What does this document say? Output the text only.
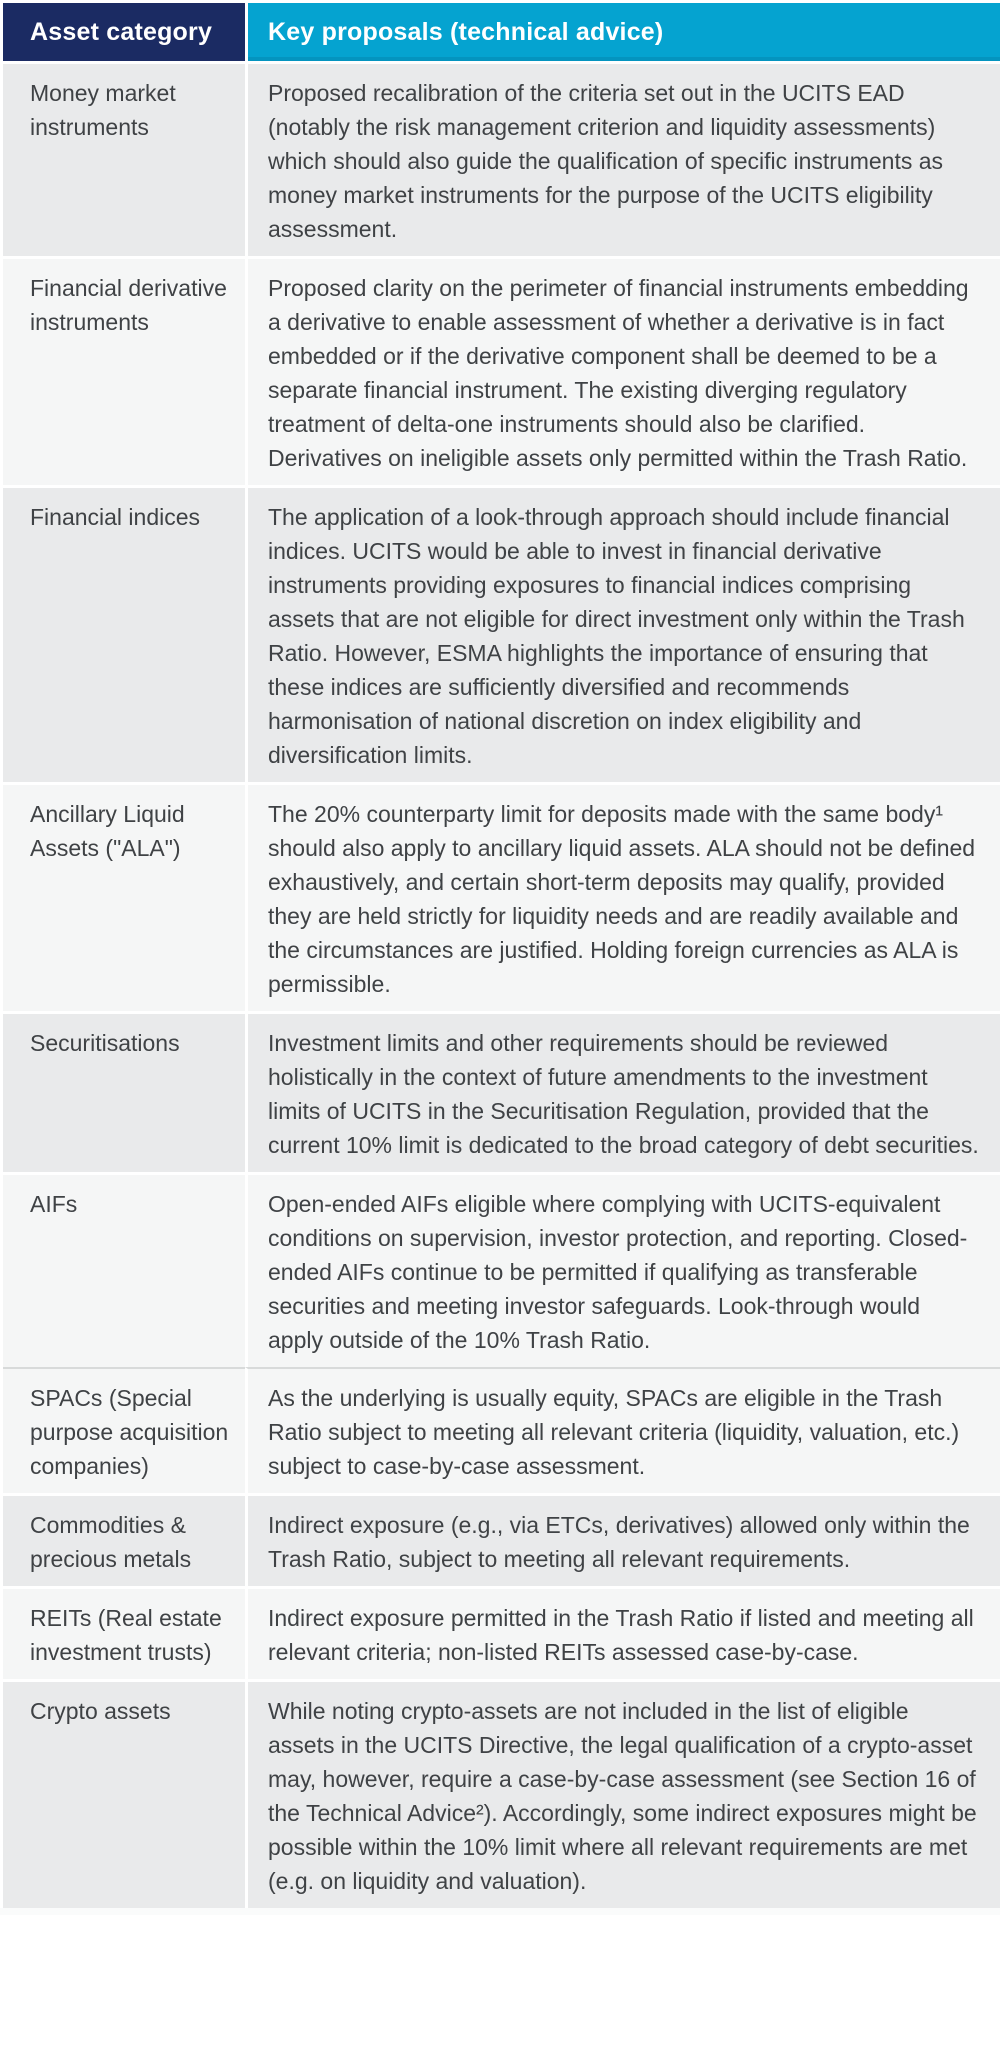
Asset category	Key proposals (technical advice)
Money market instruments	Proposed recalibration of the criteria set out in the UCITS EAD (notably the risk management criterion and liquidity assessments) which should also guide the qualification of specific instruments as money market instruments for the purpose of the UCITS eligibility assessment.
Financial derivative instruments	Proposed clarity on the perimeter of financial instruments embedding a derivative to enable assessment of whether a derivative is in fact embedded or if the derivative component shall be deemed to be a separate financial instrument. The existing diverging regulatory treatment of delta-one instruments should also be clarified. Derivatives on ineligible assets only permitted within the Trash Ratio.
Financial indices	The application of a look-through approach should include financial indices. UCITS would be able to invest in financial derivative instruments providing exposures to financial indices comprising assets that are not eligible for direct investment only within the Trash Ratio. However, ESMA highlights the importance of ensuring that these indices are sufficiently diversified and recommends harmonisation of national discretion on index eligibility and diversification limits.
Ancillary Liquid Assets ("ALA")	The 20% counterparty limit for deposits made with the same body¹ should also apply to ancillary liquid assets. ALA should not be defined exhaustively, and certain short-term deposits may qualify, provided they are held strictly for liquidity needs and are readily available and the circumstances are justified. Holding foreign currencies as ALA is permissible.
Securitisations	Investment limits and other requirements should be reviewed holistically in the context of future amendments to the investment limits of UCITS in the Securitisation Regulation, provided that the current 10% limit is dedicated to the broad category of debt securities.
AIFs	Open-ended AIFs eligible where complying with UCITS-equivalent conditions on supervision, investor protection, and reporting. Closed-ended AIFs continue to be permitted if qualifying as transferable securities and meeting investor safeguards. Look-through would apply outside of the 10% Trash Ratio.
SPACs (Special purpose acquisition companies)	As the underlying is usually equity, SPACs are eligible in the Trash Ratio subject to meeting all relevant criteria (liquidity, valuation, etc.) subject to case-by-case assessment.
Commodities & precious metals	Indirect exposure (e.g., via ETCs, derivatives) allowed only within the Trash Ratio, subject to meeting all relevant requirements.
REITs (Real estate investment trusts)	Indirect exposure permitted in the Trash Ratio if listed and meeting all relevant criteria; non-listed REITs assessed case-by-case.
Crypto assets	While noting crypto-assets are not included in the list of eligible assets in the UCITS Directive, the legal qualification of a crypto-asset may, however, require a case-by-case assessment (see Section 16 of the Technical Advice²). Accordingly, some indirect exposures might be possible within the 10% limit where all relevant requirements are met (e.g. on liquidity and valuation).
